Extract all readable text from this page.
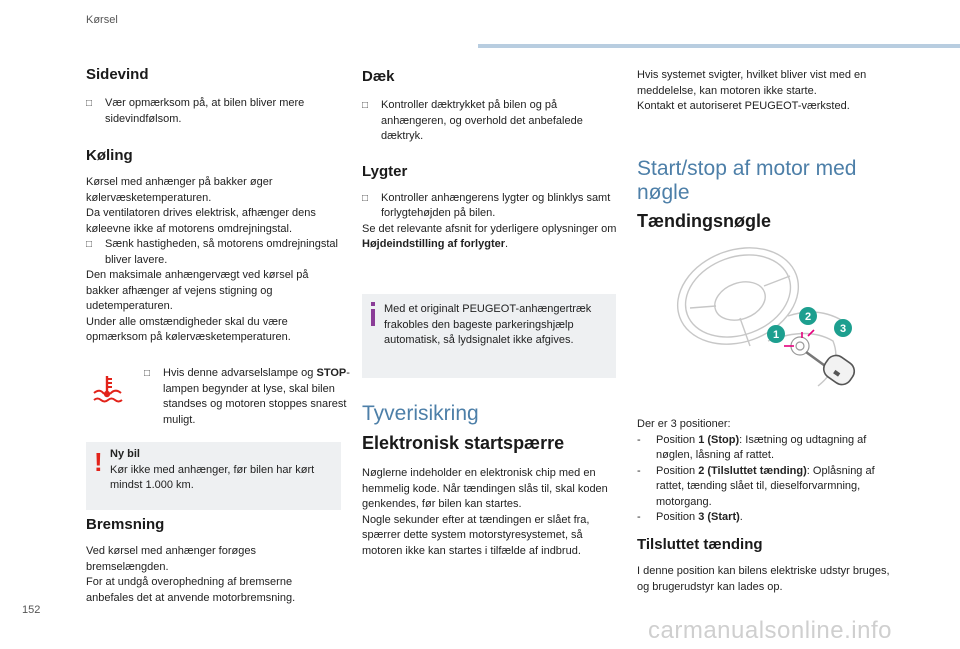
Kørsel
Sidevind
□ Vær opmærksom på, at bilen bliver mere sidevindfølsom.
Køling
Kørsel med anhænger på bakker øger kølervæsketemperaturen.
Da ventilatoren drives elektrisk, afhænger dens køleevne ikke af motorens omdrejningstal.
□ Sænk hastigheden, så motorens omdrejningstal bliver lavere.
Den maksimale anhængervægt ved kørsel på bakker afhænger af vejens stigning og udetemperaturen.
Under alle omstændigheder skal du være opmærksom på kølervæsketemperaturen.
□ Hvis denne advarselslampe og STOP-lampen begynder at lyse, skal bilen standses og motoren stoppes snarest muligt.
! Ny bil
Kør ikke med anhænger, før bilen har kørt mindst 1.000 km.
Bremsning
Ved kørsel med anhænger forøges bremselængden.
For at undgå overophedning af bremserne anbefales det at anvende motorbremsning.
Dæk
□ Kontroller dæktrykket på bilen og på anhængeren, og overhold det anbefalede dæktryk.
Lygter
□ Kontroller anhængerens lygter og blinklys samt forlygtehøjden på bilen.
Se det relevante afsnit for yderligere oplysninger om Højdeindstilling af forlygter.
Med et originalt PEUGEOT-anhængertræk frakobles den bageste parkeringshjælp automatisk, så lydsignalet ikke afgives.
Tyverisikring
Elektronisk startspærre
Nøglerne indeholder en elektronisk chip med en hemmelig kode. Når tændingen slås til, skal koden genkendes, før bilen kan startes.
Nogle sekunder efter at tændingen er slået fra, spærrer dette system motorstyresystemet, så motoren ikke kan startes i tilfælde af indbrud.
Hvis systemet svigter, hvilket bliver vist med en meddelelse, kan motoren ikke starte.
Kontakt et autoriseret PEUGEOT-værksted.
Start/stop af motor med nøgle
Tændingsnøgle
1
2
3
Der er 3 positioner:
- Position 1 (Stop): Isætning og udtagning af nøglen, låsning af rattet.
- Position 2 (Tilsluttet tænding): Oplåsning af rattet, tænding slået til, dieselforvarmning, motorgang.
- Position 3 (Start).
Tilsluttet tænding
I denne position kan bilens elektriske udstyr bruges, og brugerudstyr kan lades op.
152
carmanualsonline.info
